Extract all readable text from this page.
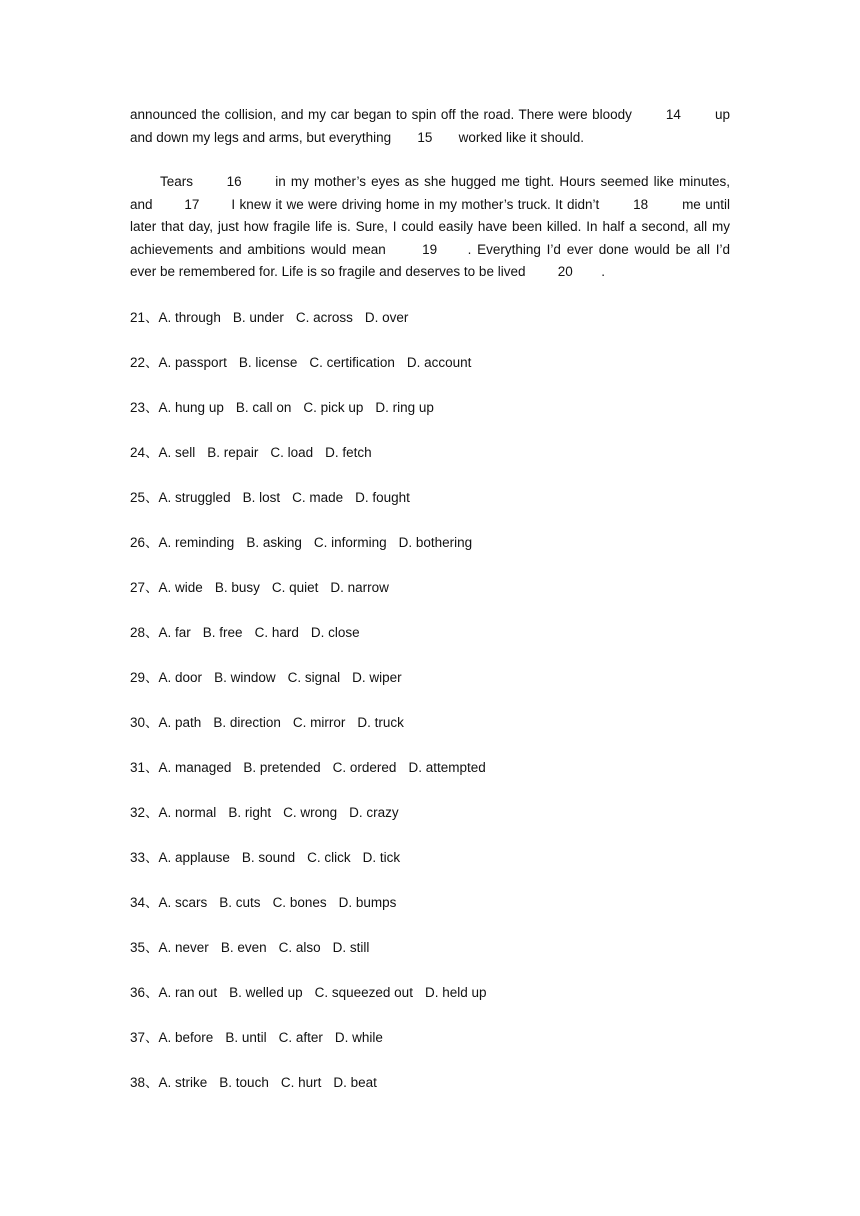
announced the collision, and my car began to spin off the road. There were bloody	14	up and down my legs and arms, but everything 15 worked like it should.

Tears 16 in my mother’s eyes as she hugged me tight. Hours seemed like minutes, and 17 I knew it we were driving home in my mother’s truck. It didn’t	18	me until later that day, just how fragile life is. Sure, I could easily have been killed. In half a second, all my achievements and ambitions would mean	19 . Everything I’d ever done would be all I’d ever be remembered for. Life is so fragile and deserves to be lived 20 .

21、A. through B. under C. across D. over
22、A. passport B. license C. certification D. account
23、A. hung up B. call on C. pick up D. ring up
24、A. sell B. repair C. load D. fetch
25、A. struggled B. lost C. made D. fought
26、A. reminding B. asking C. informing D. bothering
27、A. wide B. busy C. quiet D. narrow
28、A. far B. free C. hard D. close
29、A. door B. window C. signal D. wiper
30、A. path B. direction C. mirror D. truck
31、A. managed B. pretended C. ordered D. attempted
32、A. normal B. right C. wrong D. crazy
33、A. applause B. sound C. click D. tick
34、A. scars B. cuts C. bones D. bumps
35、A. never B. even C. also D. still
36、A. ran out B. welled up C. squeezed out D. held up
37、A. before B. until C. after D. while
38、A. strike B. touch C. hurt D. beat
